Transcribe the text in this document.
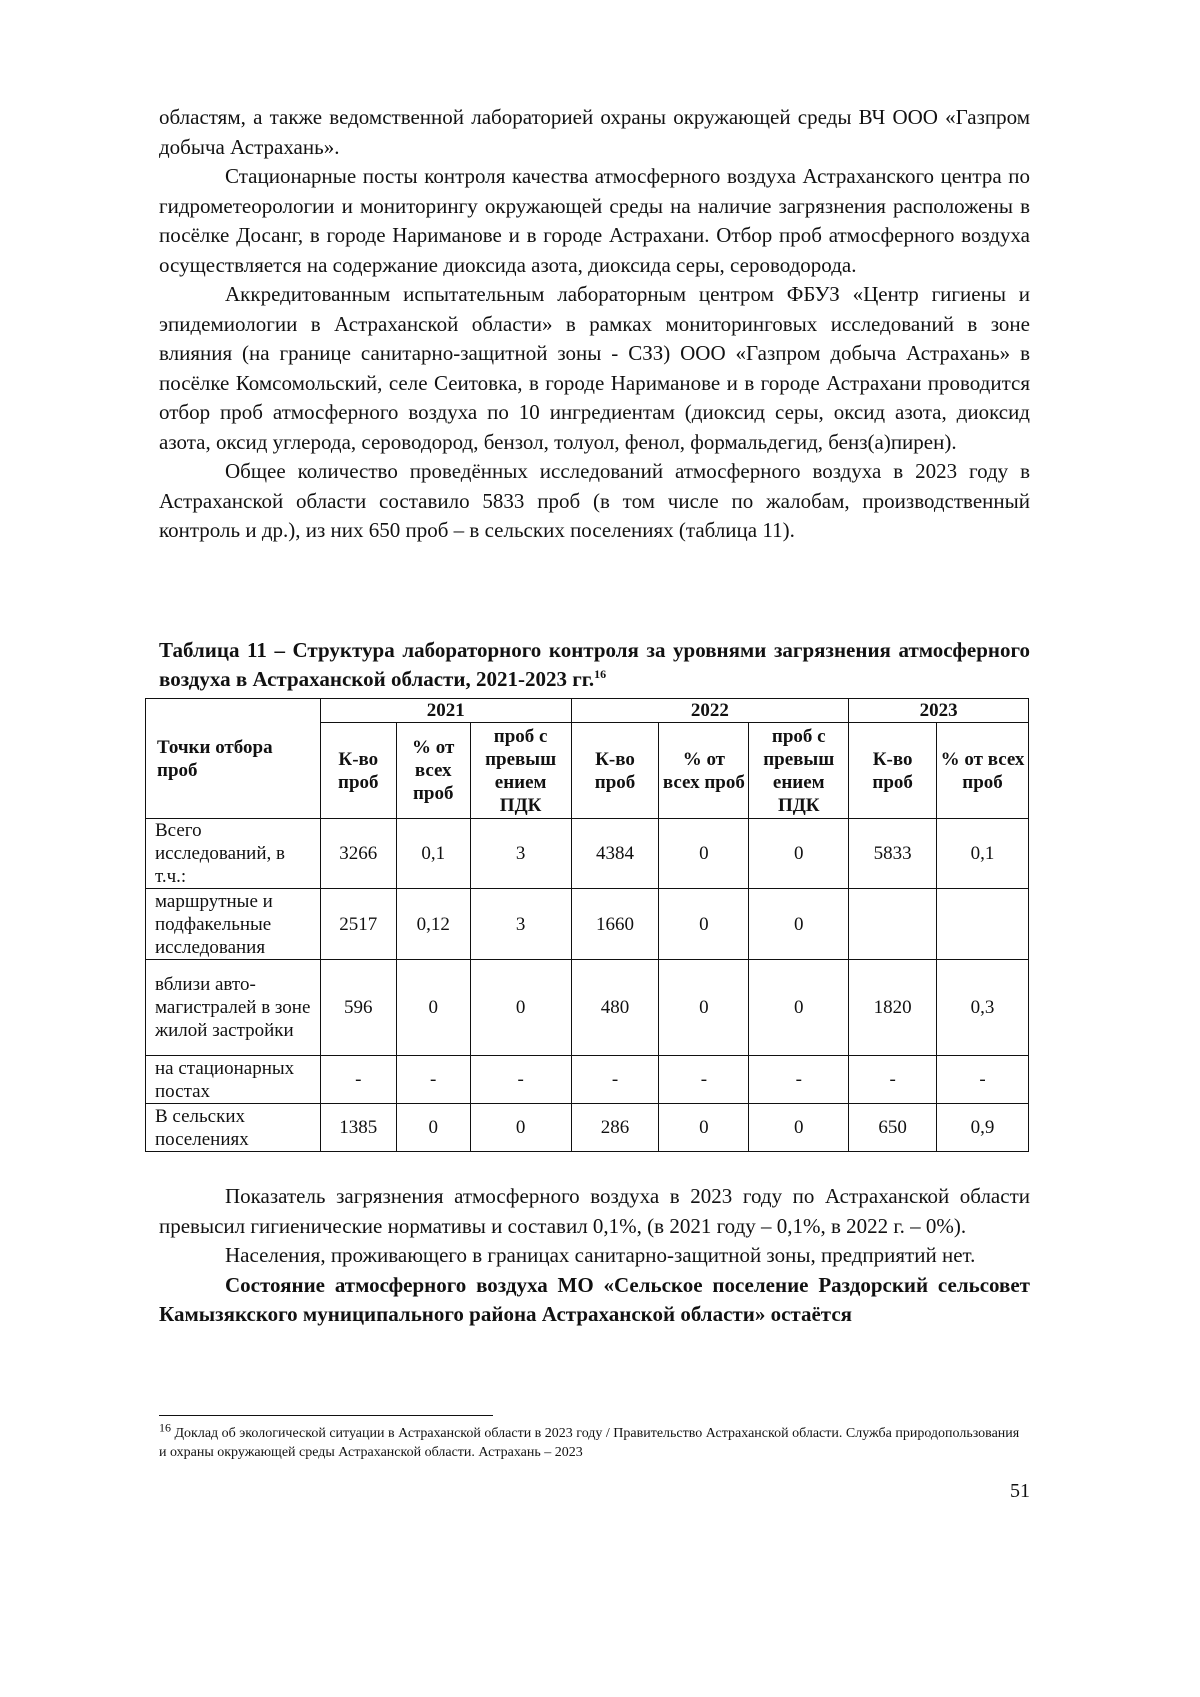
областям, а также ведомственной лабораторией охраны окружающей среды ВЧ ООО «Газпром добыча Астрахань».

Стационарные посты контроля качества атмосферного воздуха Астраханского центра по гидрометеорологии и мониторингу окружающей среды на наличие загрязнения расположены в посёлке Досанг, в городе Нариманове и в городе Астрахани. Отбор проб атмосферного воздуха осуществляется на содержание диоксида азота, диоксида серы, сероводорода.

Аккредитованным испытательным лабораторным центром ФБУЗ «Центр гигиены и эпидемиологии в Астраханской области» в рамках мониторинговых исследований в зоне влияния (на границе санитарно-защитной зоны - СЗЗ) ООО «Газпром добыча Астрахань» в посёлке Комсомольский, селе Сеитовка, в городе Нариманове и в городе Астрахани проводится отбор проб атмосферного воздуха по 10 ингредиентам (диоксид серы, оксид азота, диоксид азота, оксид углерода, сероводород, бензол, толуол, фенол, формальдегид, бенз(а)пирен).

Общее количество проведённых исследований атмосферного воздуха в 2023 году в Астраханской области составило 5833 проб (в том числе по жалобам, производственный контроль и др.), из них 650 проб – в сельских поселениях (таблица 11).

Таблица 11 – Структура лабораторного контроля за уровнями загрязнения атмосферного воздуха в Астраханской области, 2021-2023 гг.$^{16}$
Точки отбора проб	2021			2022			2023	
	К-во проб	% от всех проб	проб с превыш ением ПДК	К-во проб	% от всех проб	проб с превыш ением ПДК	К-во проб	% от всех проб
Всего исследований, в т.ч.:	3266	0,1	3	4384	0	0	5833	0,1
маршрутные и подфакельные исследования	2517	0,12	3	1660	0	0		
вблизи авто-магистралей в зоне жилой застройки	596	0	0	480	0	0	1820	0,3
на стационарных постах	-	-	-	-	-	-	-	-
В сельских поселениях	1385	0	0	286	0	0	650	0,9

Показатель загрязнения атмосферного воздуха в 2023 году по Астраханской области превысил гигиенические нормативы и составил 0,1%, (в 2021 году – 0,1%, в 2022 г. – 0%).

Населения, проживающего в границах санитарно-защитной зоны, предприятий нет.

Состояние атмосферного воздуха МО «Сельское поселение Раздорский сельсовет Камызякского муниципального района Астраханской области» остаётся

$^{16}$ Доклад об экологической ситуации в Астраханской области в 2023 году / Правительство Астраханской области. Служба природопользования и охраны окружающей среды Астраханской области. Астрахань – 2023
51
